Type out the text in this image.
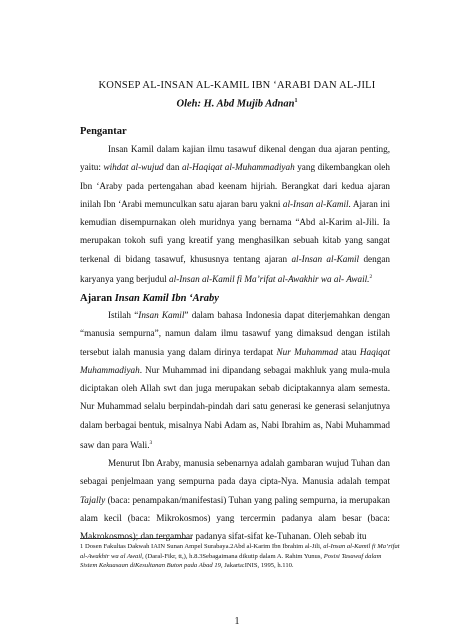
KONSEP AL-INSAN AL-KAMIL IBN ‘ARABI DAN AL-JILI
Oleh: H. Abd Mujib Adnan$^1$
Pengantar
Insan Kamil dalam kajian ilmu tasawuf dikenal dengan dua ajaran penting,
yaitu: wihdat al-wujud dan al-Haqiqat al-Muhammadiyah yang dikembangkan oleh
Ibn ‘Araby pada pertengahan abad keenam hijriah. Berangkat dari kedua ajaran
inilah Ibn ‘Arabi memunculkan satu ajaran baru yakni al-Insan al-Kamil. Ajaran ini
kemudian disempurnakan oleh muridnya yang bernama “Abd al-Karim al-Jili. Ia
merupakan tokoh sufi yang kreatif yang menghasilkan sebuah kitab yang sangat
terkenal di bidang tasawuf, khususnya tentang ajaran al-Insan al-Kamil dengan
karyanya yang berjudul al-Insan al-Kamil fi Ma’rifat al-Awakhir wa al- Awail.$^2$
Ajaran Insan Kamil Ibn ‘Araby
Istilah “Insan Kamil” dalam bahasa Indonesia dapat diterjemahkan dengan
“manusia sempurna”, namun dalam ilmu tasawuf yang dimaksud dengan istilah
tersebut ialah manusia yang dalam dirinya terdapat Nur Muhammad atau Haqiqat
Muhammadiyah. Nur Muhammad ini dipandang sebagai makhluk yang mula-mula
diciptakan oleh Allah swt dan juga merupakan sebab diciptakannya alam semesta.
Nur Muhammad selalu berpindah-pindah dari satu generasi ke generasi selanjutnya
dalam berbagai bentuk, misalnya Nabi Adam as, Nabi Ibrahim as, Nabi Muhammad
saw dan para Wali.$^3$
Menurut Ibn Araby, manusia sebenarnya adalah gambaran wujud Tuhan dan
sebagai penjelmaan yang sempurna pada daya cipta-Nya. Manusia adalah tempat
Tajally (baca: penampakan/manifestasi) Tuhan yang paling sempurna, ia merupakan
alam kecil (baca: Mikrokosmos) yang tercermin padanya alam besar (baca:
Makrokosmos); dan tergambar padanya sifat-sifat ke-Tuhanan. Oleh sebab itu
1 Dosen Fakultas Dakwah IAIN Sunan Ampel Surabaya.2Abd al-Karim Ibn Ibrahim al-Jili, al-Insan al-Kamil fi Ma’rifat al-Awakhir wa al Awail, (Daral-Fikr, tt,), h.8.3Sebagaimana dikutip dalam A. Rahim Yunus, Posisi Tasawuf dalam Sistem Kekuasaan diKesultanan Buton pada Abad 19, Jakarta:INIS, 1995, h.110.
1
